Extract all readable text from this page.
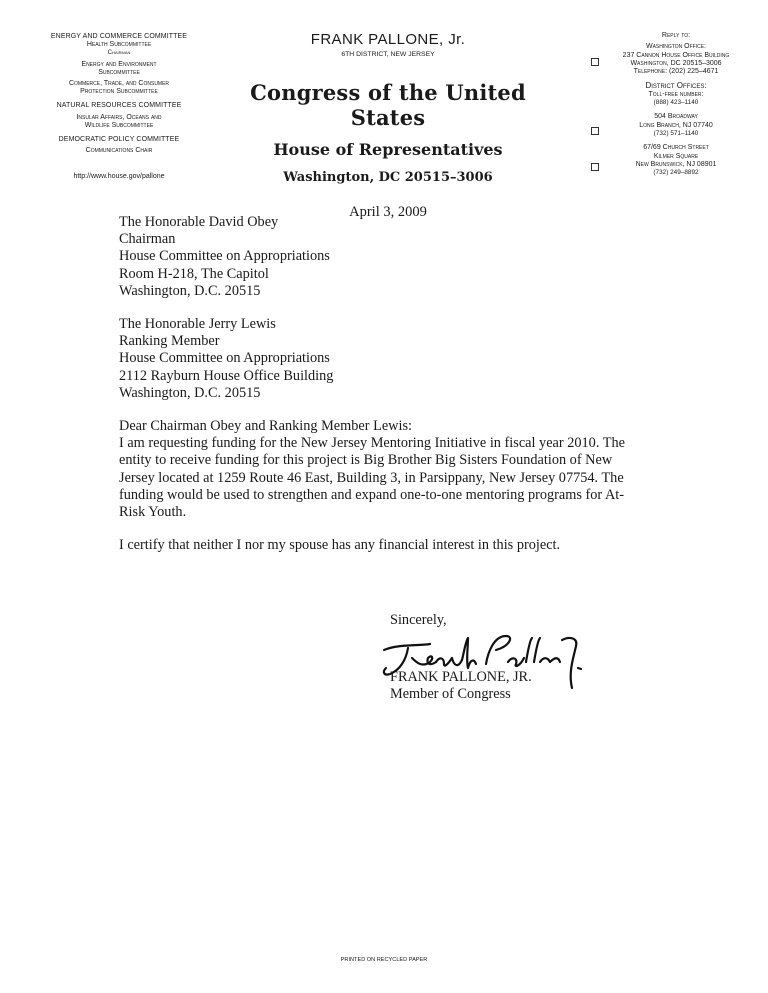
ENERGY AND COMMERCE COMMITTEE
Health Subcommittee
Chairman
Energy and Environment
Subcommittee
Commerce, Trade, and Consumer
Protection Subcommittee
NATURAL RESOURCES COMMITTEE
Insular Affairs, Oceans and
Wildlife Subcommittee
DEMOCRATIC POLICY COMMITTEE
Communications Chair
http://www.house.gov/pallone
FRANK PALLONE, Jr.
6TH DISTRICT, NEW JERSEY
Congress of the United States
House of Representatives
Washington, DC 20515–3006
April 3, 2009
Reply to:
Washington Office:
237 Cannon House Office Building
Washington, DC 20515–3006
Telephone: (202) 225–4671
District Offices:
Toll-free number:
(888) 423–1140
504 Broadway
Long Branch, NJ 07740
(732) 571–1140
67/69 Church Street
Kilmer Square
New Brunswick, NJ 08901
(732) 249–8892

The Honorable David Obey

Chairman

House Committee on Appropriations

Room H-218, The Capitol

Washington, D.C. 20515

The Honorable Jerry Lewis

Ranking Member

House Committee on Appropriations

2112 Rayburn House Office Building

Washington, D.C. 20515

Dear Chairman Obey and Ranking Member Lewis:

I am requesting funding for the New Jersey Mentoring Initiative in fiscal year 2010. The

entity to receive funding for this project is Big Brother Big Sisters Foundation of New

Jersey located at 1259 Route 46 East, Building 3, in Parsippany, New Jersey 07754. The

funding would be used to strengthen and expand one-to-one mentoring programs for At-

Risk Youth.

I certify that neither I nor my spouse has any financial interest in this project.

Sincerely,

FRANK PALLONE, JR.

Member of Congress

PRINTED ON RECYCLED PAPER
